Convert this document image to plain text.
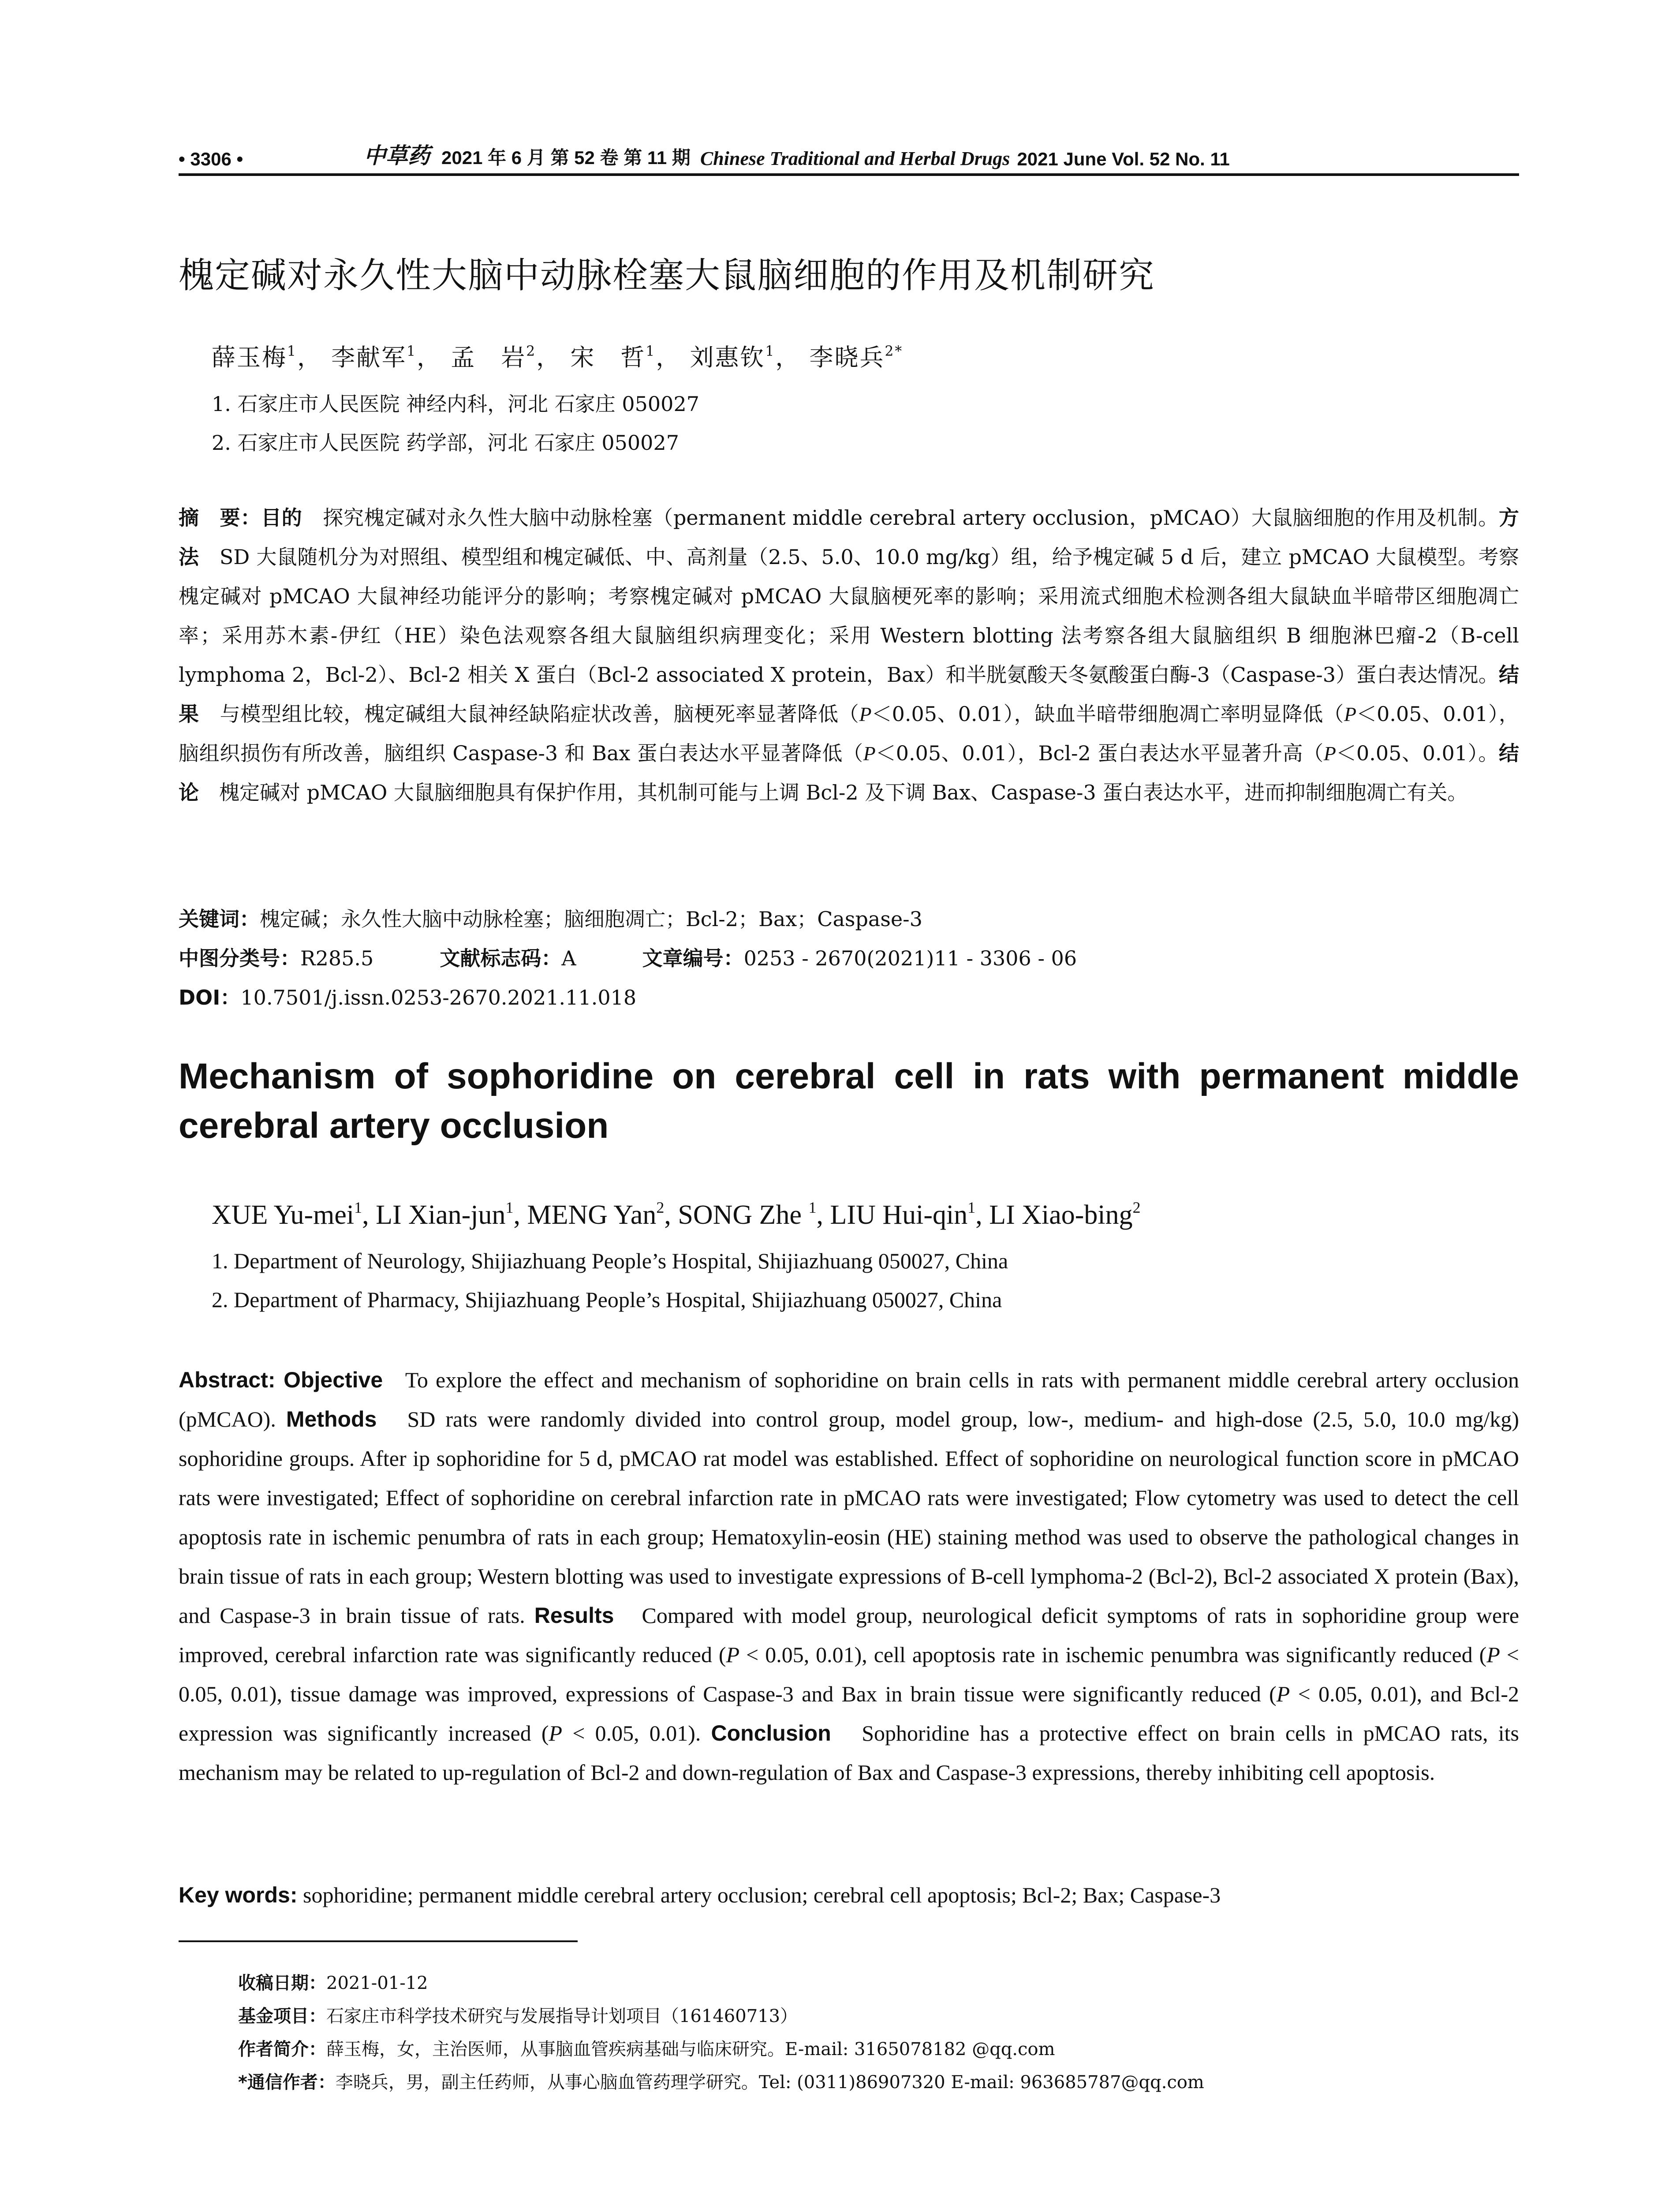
• 3306 •	中草药 2021 年 6 月 第 52 卷 第 11 期 Chinese Traditional and Herbal Drugs 2021 June Vol. 52 No. 11
槐定碱对永久性大脑中动脉栓塞大鼠脑细胞的作用及机制研究
薛玉梅$^1$， 李献军$^1$， 孟　岩$^2$， 宋　哲$^1$， 刘惠钦$^1$， 李晓兵$^{2*}$
1. 石家庄市人民医院 神经内科，河北 石家庄 050027
2. 石家庄市人民医院 药学部，河北 石家庄 050027
摘　要：目的　 探究槐定碱对永久性大脑中动脉栓塞（permanent middle cerebral artery occlusion，pMCAO）大鼠脑细胞的作用及机制。方法　 SD 大鼠随机分为对照组、模型组和槐定碱低、中、高剂量（2.5、5.0、10.0 mg/kg）组，给予槐定碱 5 d 后，建立 pMCAO 大鼠模型。考察槐定碱对 pMCAO 大鼠神经功能评分的影响；考察槐定碱对 pMCAO 大鼠脑梗死率的影响；采用流式细胞术检测各组大鼠缺血半暗带区细胞凋亡率；采用苏木素-伊红（HE）染色法观察各组大鼠脑组织病理变化；采用 Western blotting 法考察各组大鼠脑组织 B 细胞淋巴瘤-2（B-cell lymphoma 2，Bcl-2）、Bcl-2 相关 X 蛋白（Bcl-2 associated X protein，Bax）和半胱氨酸天冬氨酸蛋白酶-3（Caspase-3）蛋白表达情况。结果　 与模型组比较，槐定碱组大鼠神经缺陷症状改善，脑梗死率显著降低（P＜0.05、0.01），缺血半暗带细胞凋亡率明显降低（P＜0.05、0.01），脑组织损伤有所改善，脑组织 Caspase-3 和 Bax 蛋白表达水平显著降低（P＜0.05、0.01），Bcl-2 蛋白表达水平显著升高（P＜0.05、0.01）。结论　 槐定碱对 pMCAO 大鼠脑细胞具有保护作用，其机制可能与上调 Bcl-2 及下调 Bax、Caspase-3 蛋白表达水平，进而抑制细胞凋亡有关。
关键词：槐定碱；永久性大脑中动脉栓塞；脑细胞凋亡；Bcl-2；Bax；Caspase-3
中图分类号：R285.5	文献标志码：A	文章编号：0253 - 2670(2021)11 - 3306 - 06
DOI：10.7501/j.issn.0253-2670.2021.11.018
Mechanism of sophoridine on cerebral cell in rats with permanent middle cerebral artery occlusion
XUE Yu-mei$^1$, LI Xian-jun$^1$, MENG Yan$^2$, SONG Zhe $^1$, LIU Hui-qin$^1$, LI Xiao-bing$^2$
1. Department of Neurology, Shijiazhuang People’s Hospital, Shijiazhuang 050027, China
2. Department of Pharmacy, Shijiazhuang People’s Hospital, Shijiazhuang 050027, China
Abstract: Objective To explore the effect and mechanism of sophoridine on brain cells in rats with permanent middle cerebral artery occlusion (pMCAO). Methods SD rats were randomly divided into control group, model group, low-, medium- and high-dose (2.5, 5.0, 10.0 mg/kg) sophoridine groups. After ip sophoridine for 5 d, pMCAO rat model was established. Effect of sophoridine on neurological function score in pMCAO rats were investigated; Effect of sophoridine on cerebral infarction rate in pMCAO rats were investigated; Flow cytometry was used to detect the cell apoptosis rate in ischemic penumbra of rats in each group; Hematoxylin-eosin (HE) staining method was used to observe the pathological changes in brain tissue of rats in each group; Western blotting was used to investigate expressions of B-cell lymphoma-2 (Bcl-2), Bcl-2 associated X protein (Bax), and Caspase-3 in brain tissue of rats. Results Compared with model group, neurological deficit symptoms of rats in sophoridine group were improved, cerebral infarction rate was significantly reduced (P < 0.05, 0.01), cell apoptosis rate in ischemic penumbra was significantly reduced (P < 0.05, 0.01), tissue damage was improved, expressions of Caspase-3 and Bax in brain tissue were significantly reduced (P < 0.05, 0.01), and Bcl-2 expression was significantly increased (P < 0.05, 0.01). Conclusion Sophoridine has a protective effect on brain cells in pMCAO rats, its mechanism may be related to up-regulation of Bcl-2 and down-regulation of Bax and Caspase-3 expressions, thereby inhibiting cell apoptosis.
Key words: sophoridine; permanent middle cerebral artery occlusion; cerebral cell apoptosis; Bcl-2; Bax; Caspase-3
收稿日期：2021-01-12
基金项目：石家庄市科学技术研究与发展指导计划项目（161460713）
作者简介：薛玉梅，女，主治医师，从事脑血管疾病基础与临床研究。E-mail: 3165078182 @qq.com
*通信作者：李晓兵，男，副主任药师，从事心脑血管药理学研究。Tel: (0311)86907320 E-mail: 963685787@qq.com
